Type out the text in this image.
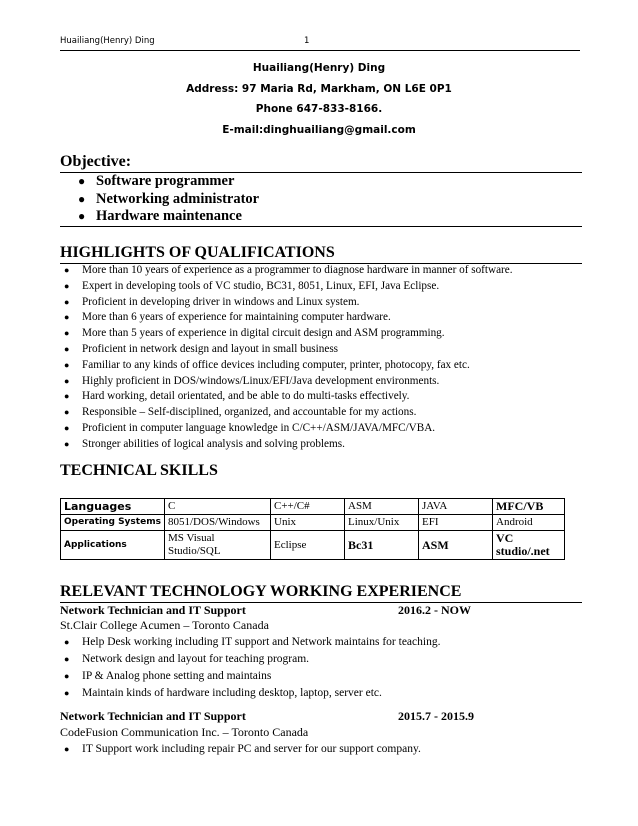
Huailiang(Henry) Ding	1
Huailiang(Henry) Ding
Address: 97 Maria Rd, Markham, ON L6E 0P1
Phone 647-833-8166.
E-mail:dinghuailiang@gmail.com
Objective:
● Software programmer
● Networking administrator
● Hardware maintenance
HIGHLIGHTS OF QUALIFICATIONS
● More than 10 years of experience as a programmer to diagnose hardware in manner of software.
● Expert in developing tools of VC studio, BC31, 8051, Linux, EFI, Java Eclipse.
● Proficient in developing driver in windows and Linux system.
● More than 6 years of experience for maintaining computer hardware.
● More than 5 years of experience in digital circuit design and ASM programming.
● Proficient in network design and layout in small business
● Familiar to any kinds of office devices including computer, printer, photocopy, fax etc.
● Highly proficient in DOS/windows/Linux/EFI/Java development environments.
● Hard working, detail orientated, and be able to do multi-tasks effectively.
● Responsible – Self-disciplined, organized, and accountable for my actions.
● Proficient in computer language knowledge in C/C++/ASM/JAVA/MFC/VBA.
● Stronger abilities of logical analysis and solving problems.
TECHNICAL SKILLS
Languages	C	C++/C#	ASM	JAVA	MFC/VB
Operating Systems	8051/DOS/Windows	Unix	Linux/Unix	EFI	Android
Applications	MS Visual Studio/SQL	Eclipse	Bc31	ASM	VC studio/.net
RELEVANT TECHNOLOGY WORKING EXPERIENCE
Network Technician and IT Support	2016.2 - NOW
St.Clair College Acumen – Toronto Canada
● Help Desk working including IT support and Network maintains for teaching.
● Network design and layout for teaching program.
● IP & Analog phone setting and maintains
● Maintain kinds of hardware including desktop, laptop, server etc.
Network Technician and IT Support	2015.7 - 2015.9
CodeFusion Communication Inc. – Toronto Canada
● IT Support work including repair PC and server for our support company.
